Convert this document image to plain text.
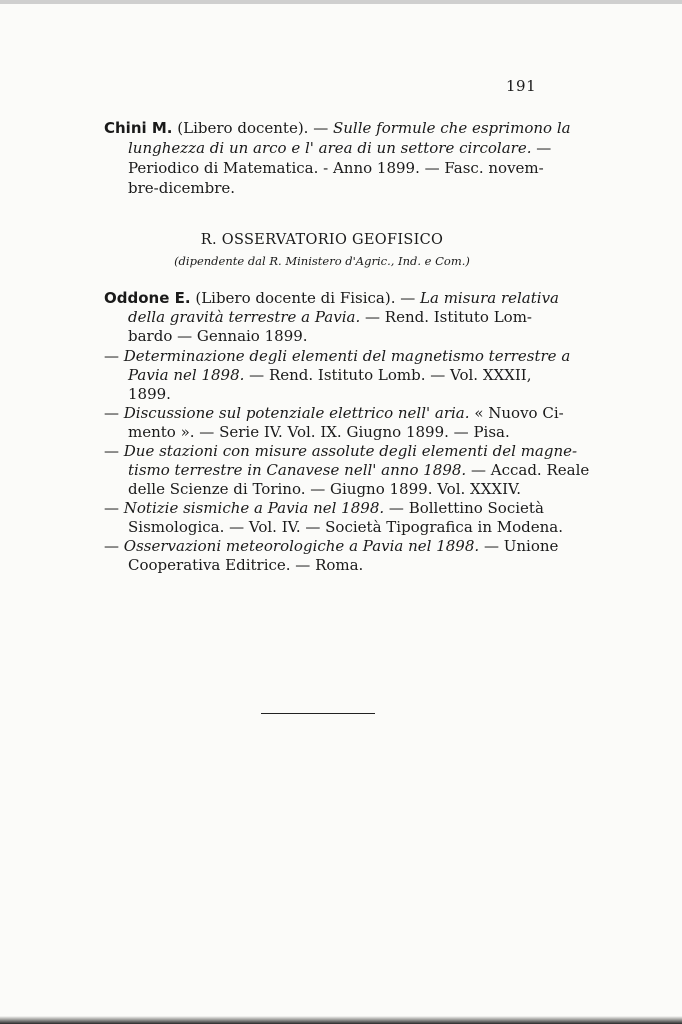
191
Chini M. (Libero docente). — Sulle formule che esprimono la
lunghezza di un arco e l' area di un settore circolare. —
Periodico di Matematica. - Anno 1899. — Fasc. novem-
bre-dicembre.
R. OSSERVATORIO GEOFISICO
(dipendente dal R. Ministero d'Agric., Ind. e Com.)
Oddone E. (Libero docente di Fisica). — La misura relativa
della gravità terrestre a Pavia. — Rend. Istituto Lom-
bardo — Gennaio 1899.
— Determinazione degli elementi del magnetismo terrestre a
Pavia nel 1898. — Rend. Istituto Lomb. — Vol. XXXII,
1899.
— Discussione sul potenziale elettrico nell' aria. « Nuovo Ci-
mento ». — Serie IV. Vol. IX. Giugno 1899. — Pisa.
— Due stazioni con misure assolute degli elementi del magne-
tismo terrestre in Canavese nell' anno 1898. — Accad. Reale
delle Scienze di Torino. — Giugno 1899. Vol. XXXIV.
— Notizie sismiche a Pavia nel 1898. — Bollettino Società
Sismologica. — Vol. IV. — Società Tipografica in Modena.
— Osservazioni meteorologiche a Pavia nel 1898. — Unione
Cooperativa Editrice. — Roma.
